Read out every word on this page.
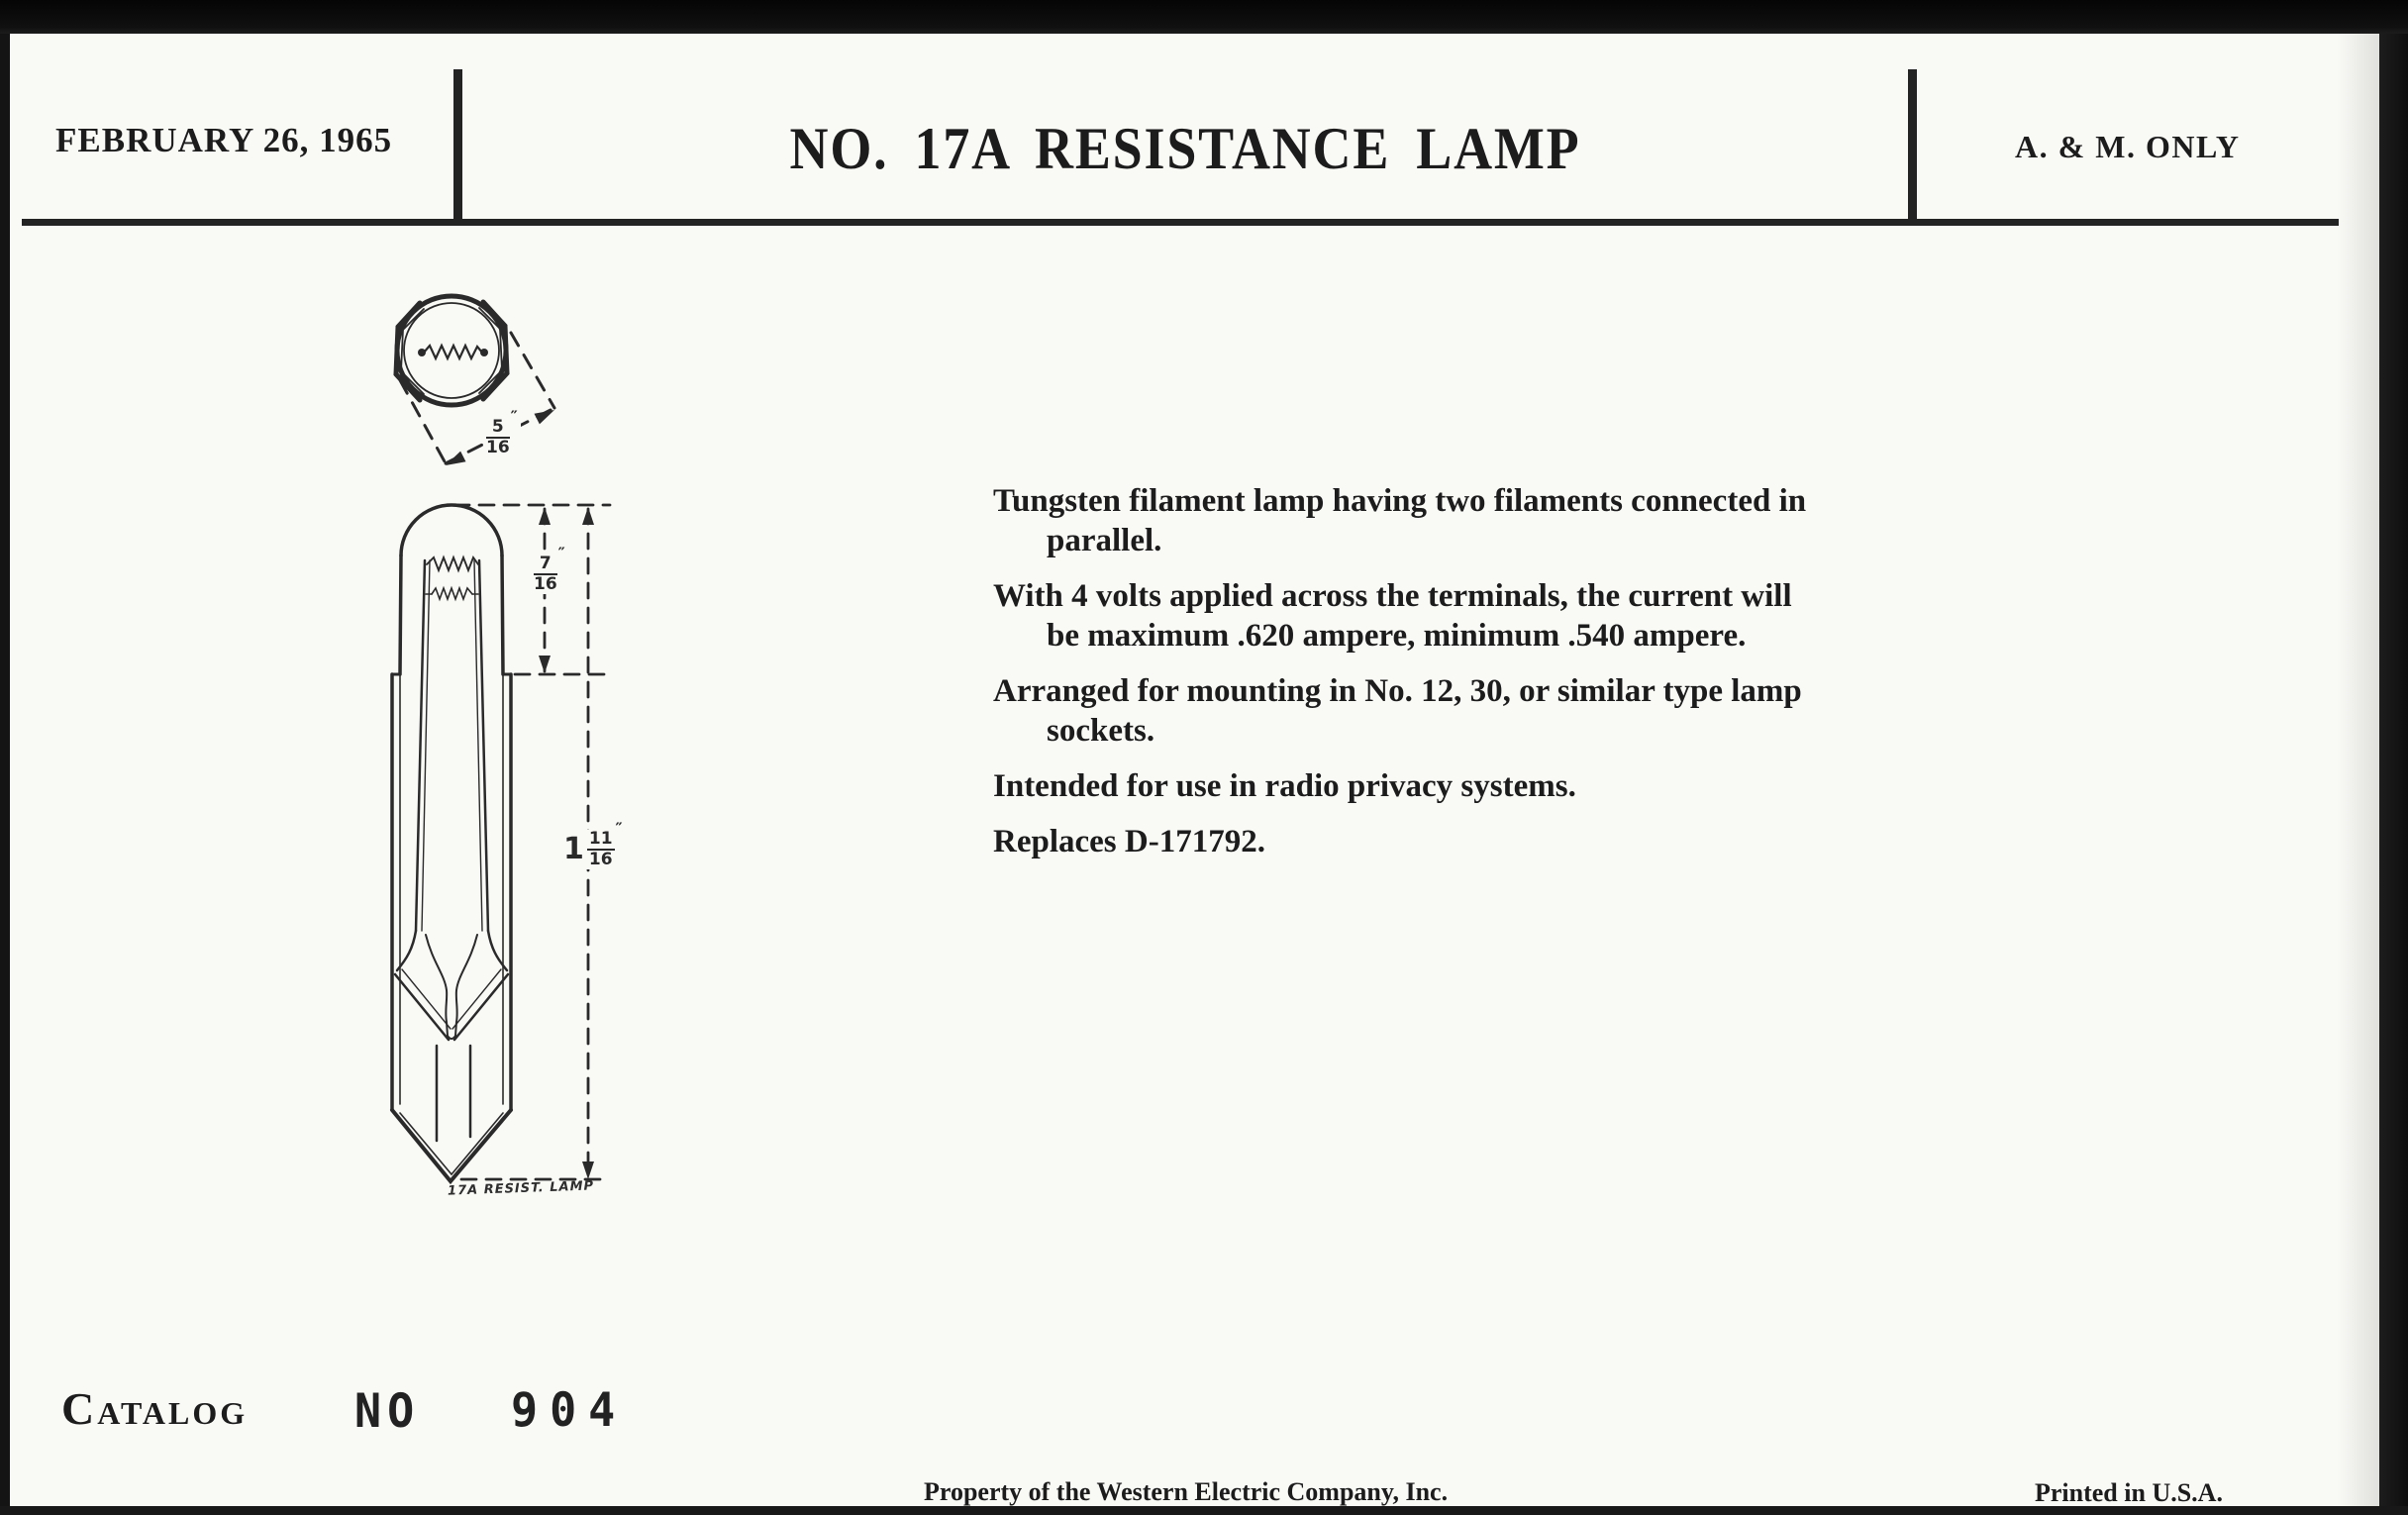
FEBRUARY 26, 1965	NO. 17A RESISTANCE LAMP	A. & M. ONLY
$\frac{5}{16}$
″
$\frac{7}{16}$
″
$1 \frac{11}{16}$
″
17A RESIST. LAMP

Tungsten filament lamp having two filaments connected in
parallel.

With 4 volts applied across the terminals, the current will
be maximum .620 ampere, minimum .540 ampere.

Arranged for mounting in No. 12, 30, or similar type lamp
sockets.

Intended for use in radio privacy systems.

Replaces D-171792.

Catalog NO 904
Property of the Western Electric Company, Inc.	Printed in U.S.A.
